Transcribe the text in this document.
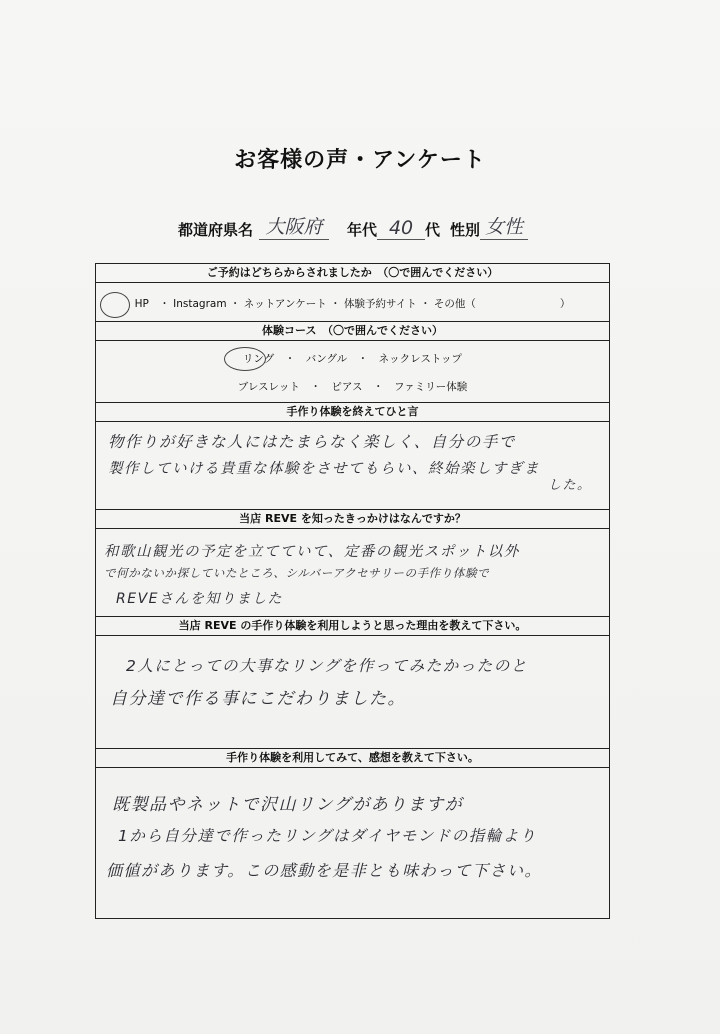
お客様の声・アンケート
都道府県名 大阪府	年代 40 代 性別 女性
ご予約はどちらからされましたか　（〇で囲んでください）
HP　・ Instagram ・ ネットアンケート ・ 体験予約サイト ・ その他（　　　　　　　　）
体験コース　（〇で囲んでください）
リング　・　バングル　・　ネックレストップ
ブレスレット　・　ピアス　・　ファミリー体験
手作り体験を終えてひと言
物作りが好きな人にはたまらなく楽しく、自分の手で
製作していける貴重な体験をさせてもらい、終始楽しすぎま
した。
当店 REVE を知ったきっかけはなんですか？
和歌山観光の予定を立てていて、定番の観光スポット以外
で何かないか探していたところ、シルバーアクセサリーの手作り体験で
REVEさんを知りました
当店 REVE の手作り体験を利用しようと思った理由を教えて下さい。
2人にとっての大事なリングを作ってみたかったのと
自分達で作る事にこだわりました。
手作り体験を利用してみて、感想を教えて下さい。
既製品やネットで沢山リングがありますが
1から自分達で作ったリングはダイヤモンドの指輪より
価値があります。この感動を是非とも味わって下さい。
